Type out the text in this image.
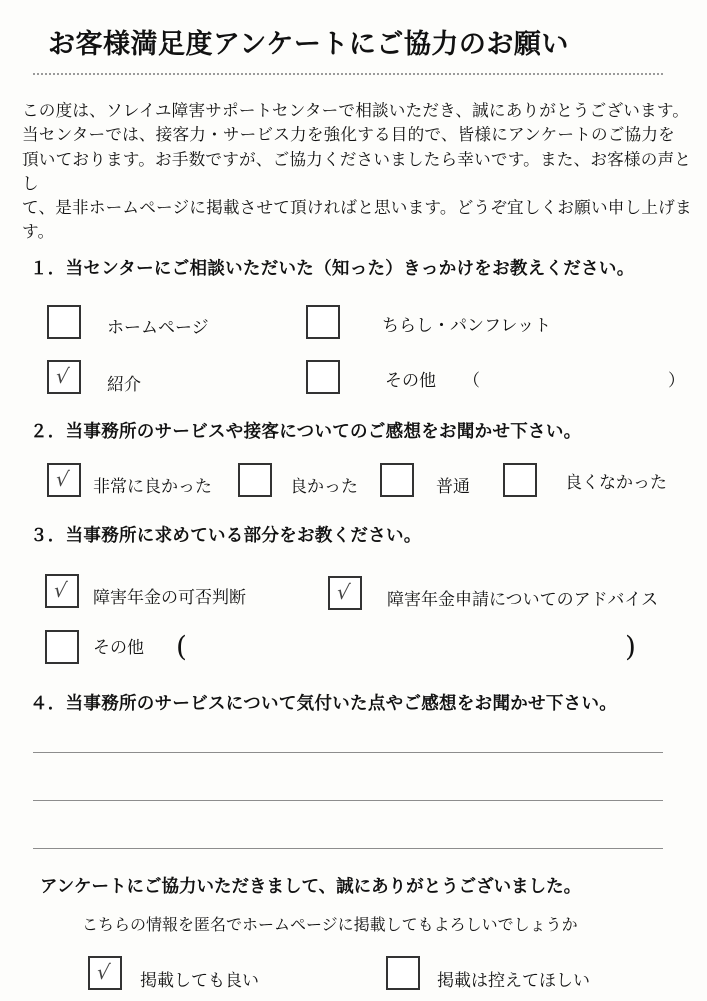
お客様満足度アンケートにご協力のお願い

この度は、ソレイユ障害サポートセンターで相談いただき、誠にありがとうございます。

当センターでは、接客力・サービス力を強化する目的で、皆様にアンケートのご協力を

頂いております。お手数ですが、ご協力くださいましたら幸いです。また、お客様の声とし

て、是非ホームページに掲載させて頂ければと思います。どうぞ宜しくお願い申し上げま

す。

１．当センターにご相談いただいた（知った）きっかけをお教えください。
ホームページ	ちらし・パンフレット
√ 紹介	その他 （	）
２．当事務所のサービスや接客についてのご感想をお聞かせ下さい。
√ 非常に良かった	良かった	普通	良くなかった
３．当事務所に求めている部分をお教ください。
√ 障害年金の可否判断	√ 障害年金申請についてのアドバイス
その他 (	)
４．当事務所のサービスについて気付いた点やご感想をお聞かせ下さい。
アンケートにご協力いただきまして、誠にありがとうございました。
こちらの情報を匿名でホームページに掲載してもよろしいでしょうか
√ 掲載しても良い	掲載は控えてほしい
